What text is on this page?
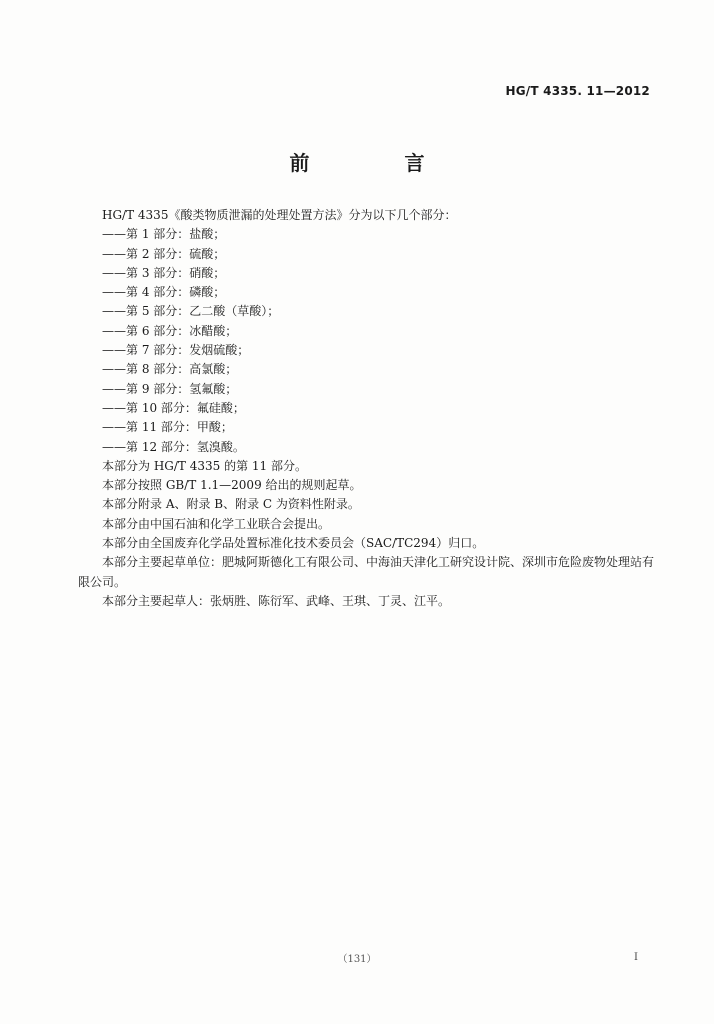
HG/T 4335. 11—2012
前 言
HG/T 4335《酸类物质泄漏的处理处置方法》分为以下几个部分：
——第 1 部分：盐酸；
——第 2 部分：硫酸；
——第 3 部分：硝酸；
——第 4 部分：磷酸；
——第 5 部分：乙二酸（草酸）；
——第 6 部分：冰醋酸；
——第 7 部分：发烟硫酸；
——第 8 部分：高氯酸；
——第 9 部分：氢氟酸；
——第 10 部分：氟硅酸；
——第 11 部分：甲酸；
——第 12 部分：氢溴酸。
本部分为 HG/T 4335 的第 11 部分。
本部分按照 GB/T 1.1—2009 给出的规则起草。
本部分附录 A、附录 B、附录 C 为资料性附录。
本部分由中国石油和化学工业联合会提出。
本部分由全国废弃化学品处置标准化技术委员会（SAC/TC294）归口。
本部分主要起草单位：肥城阿斯德化工有限公司、中海油天津化工研究设计院、深圳市危险废物处理站有限公司。
本部分主要起草人：张炳胜、陈衍军、武峰、王琪、丁灵、江平。
（131）	I
